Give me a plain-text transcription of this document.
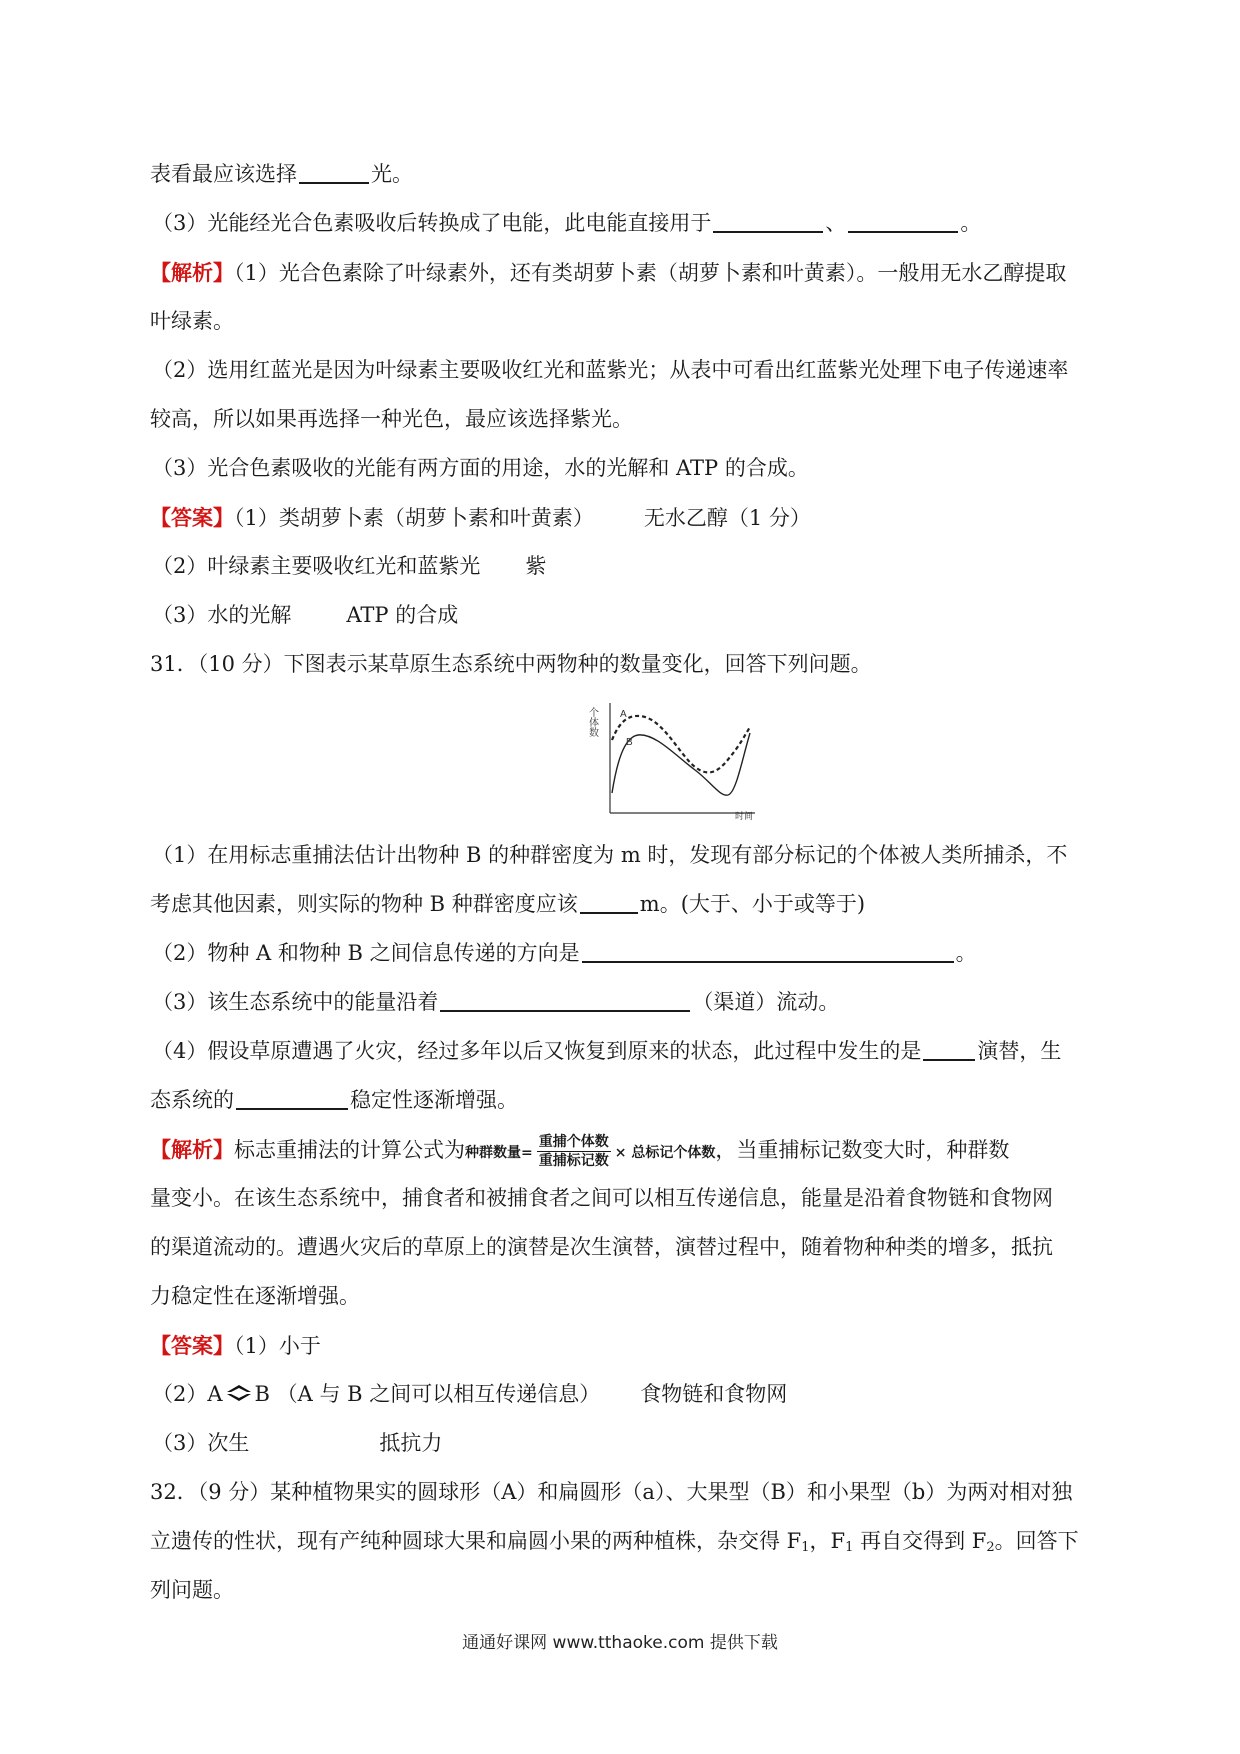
表看最应该选择	光。
（3）光能经光合色素吸收后转换成了电能，此电能直接用于	、	。
【解析】（1）光合色素除了叶绿素外，还有类胡萝卜素（胡萝卜素和叶黄素）。一般用无水乙醇提取
叶绿素。
（2）选用红蓝光是因为叶绿素主要吸收红光和蓝紫光；从表中可看出红蓝紫光处理下电子传递速率
较高，所以如果再选择一种光色，最应该选择紫光。
（3）光合色素吸收的光能有两方面的用途，水的光解和 ATP 的合成。
【答案】（1）类胡萝卜素（胡萝卜素和叶黄素） 无水乙醇（1 分）
（2）叶绿素主要吸收红光和蓝紫光 紫
（3）水的光解	ATP 的合成
31．（10 分）下图表示某草原生态系统中两物种的数量变化，回答下列问题。
个体数
时间
A
B
（1）在用标志重捕法估计出物种 B 的种群密度为 m 时，发现有部分标记的个体被人类所捕杀，不
考虑其他因素，则实际的物种 B 种群密度应该	m。(大于、小于或等于)
（2）物种 A 和物种 B 之间信息传递的方向是	。
（3）该生态系统中的能量沿着	（渠道）流动。
（4）假设草原遭遇了火灾，经过多年以后又恢复到原来的状态，此过程中发生的是	演替，生
态系统的	稳定性逐渐增强。
【解析】标志重捕法的计算公式为种群数量= $\frac{\text{重捕个体数}}{\text{重捕标记数}}$ × 总标记个体数，当重捕标记数变大时，种群数
量变小。在该生态系统中，捕食者和被捕食者之间可以相互传递信息，能量是沿着食物链和食物网
的渠道流动的。遭遇火灾后的草原上的演替是次生演替，演替过程中，随着物种种类的增多，抵抗
力稳定性在逐渐增强。
【答案】（1）小于
（2）A B （A 与 B 之间可以相互传递信息） 食物链和食物网
（3）次生	抵抗力
32．（9 分）某种植物果实的圆球形（A）和扁圆形（a）、大果型（B）和小果型（b）为两对相对独
立遗传的性状，现有产纯种圆球大果和扁圆小果的两种植株，杂交得 $F_1$，$F_1$ 再自交得到 $F_2$。回答下
列问题。
通通好课网 www.tthaoke.com 提供下载
